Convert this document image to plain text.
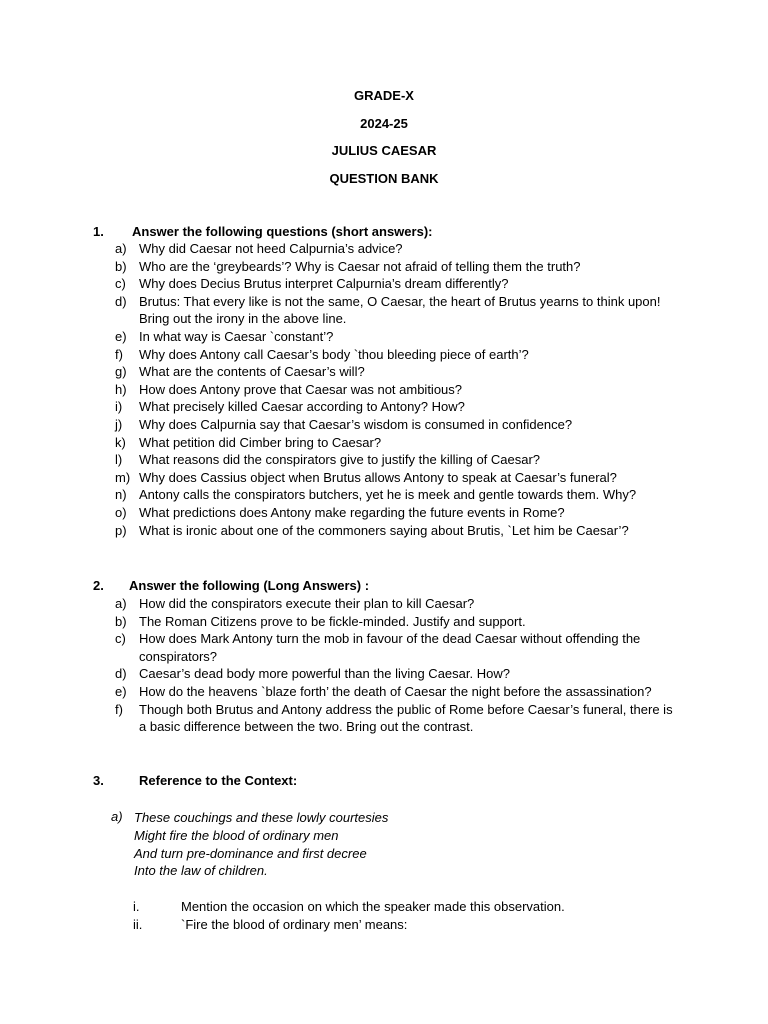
GRADE-X
2024-25
JULIUS CAESAR
QUESTION BANK
1. Answer the following questions (short answers):
a) Why did Caesar not heed Calpurnia’s advice?
b) Who are the ‘greybeards’? Why is Caesar not afraid of telling them the truth?
c)	Why does Decius Brutus interpret Calpurnia’s dream differently?
d) Brutus: That every like is not the same, O Caesar, the heart of Brutus yearns to think upon! Bring out the irony in the above line.
e) In what way is Caesar `constant’?
f)	Why does Antony call Caesar’s body `thou bleeding piece of earth’?
g) What are the contents of Caesar’s will?
h) How does Antony prove that Caesar was not ambitious?
i)	What precisely killed Caesar according to Antony? How?
j)	Why does Calpurnia say that Caesar’s wisdom is consumed in confidence?
k)	What petition did Cimber bring to Caesar?
l)	What reasons did the conspirators give to justify the killing of Caesar?
m) Why does Cassius object when Brutus allows Antony to speak at Caesar’s funeral?
n) Antony calls the conspirators butchers, yet he is meek and gentle towards them. Why?
o) What predictions does Antony make regarding the future events in Rome?
p) What is ironic about one of the commoners saying about Brutis, `Let him be Caesar’?
2. Answer the following (Long Answers) :
a) How did the conspirators execute their plan to kill Caesar?
b) The Roman Citizens prove to be fickle-minded. Justify and support.
c)	How does Mark Antony turn the mob in favour of the dead Caesar without offending the conspirators?
d) Caesar’s dead body more powerful than the living Caesar. How?
e) How do the heavens `blaze forth’ the death of Caesar the night before the assassination?
f)	Though both Brutus and Antony address the public of Rome before Caesar’s funeral, there is a basic difference between the two. Bring out the contrast.
3.	Reference to the Context:
a) These couchings and these lowly courtesies
Might fire the blood of ordinary men
And turn pre-dominance and first decree
Into the law of children.
i.	Mention the occasion on which the speaker made this observation.
ii.	`Fire the blood of ordinary men’ means:
